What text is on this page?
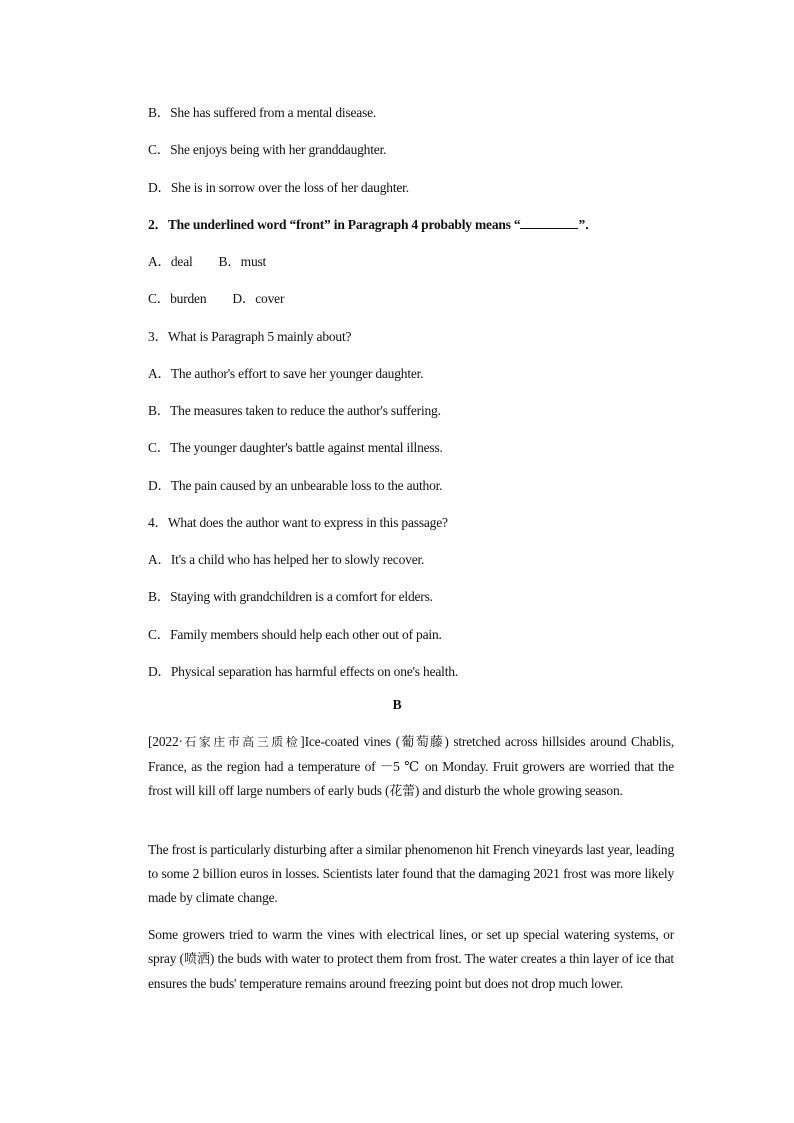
B．She has suffered from a mental disease.
C．She enjoys being with her granddaughter.
D．She is in sorrow over the loss of her daughter.
2．The underlined word “front” in Paragraph 4 probably means “	”．
A．deal B．must
C．burden D．cover
3．What is Paragraph 5 mainly about?
A．The author's effort to save her younger daughter.
B．The measures taken to reduce the author's suffering.
C．The younger daughter's battle against mental illness.
D．The pain caused by an unbearable loss to the author.
4．What does the author want to express in this passage?
A．It's a child who has helped her to slowly recover.
B．Staying with grandchildren is a comfort for elders.
C．Family members should help each other out of pain.
D．Physical separation has harmful effects on one's health.
B
[2022·石家庄市高三质检]Ice-coated vines (葡萄藤) stretched across hillsides around Chablis, France, as the region had a temperature of －5 ℃ on Monday. Fruit growers are worried that the frost will kill off large numbers of early buds (花蕾) and disturb the whole growing season.
The frost is particularly disturbing after a similar phenomenon hit French vineyards last year, leading to some 2 billion euros in losses. Scientists later found that the damaging 2021 frost was more likely made by climate change.
Some growers tried to warm the vines with electrical lines, or set up special watering systems, or spray (喷洒) the buds with water to protect them from frost. The water creates a thin layer of ice that ensures the buds' temperature remains around freezing point but does not drop much lower.
